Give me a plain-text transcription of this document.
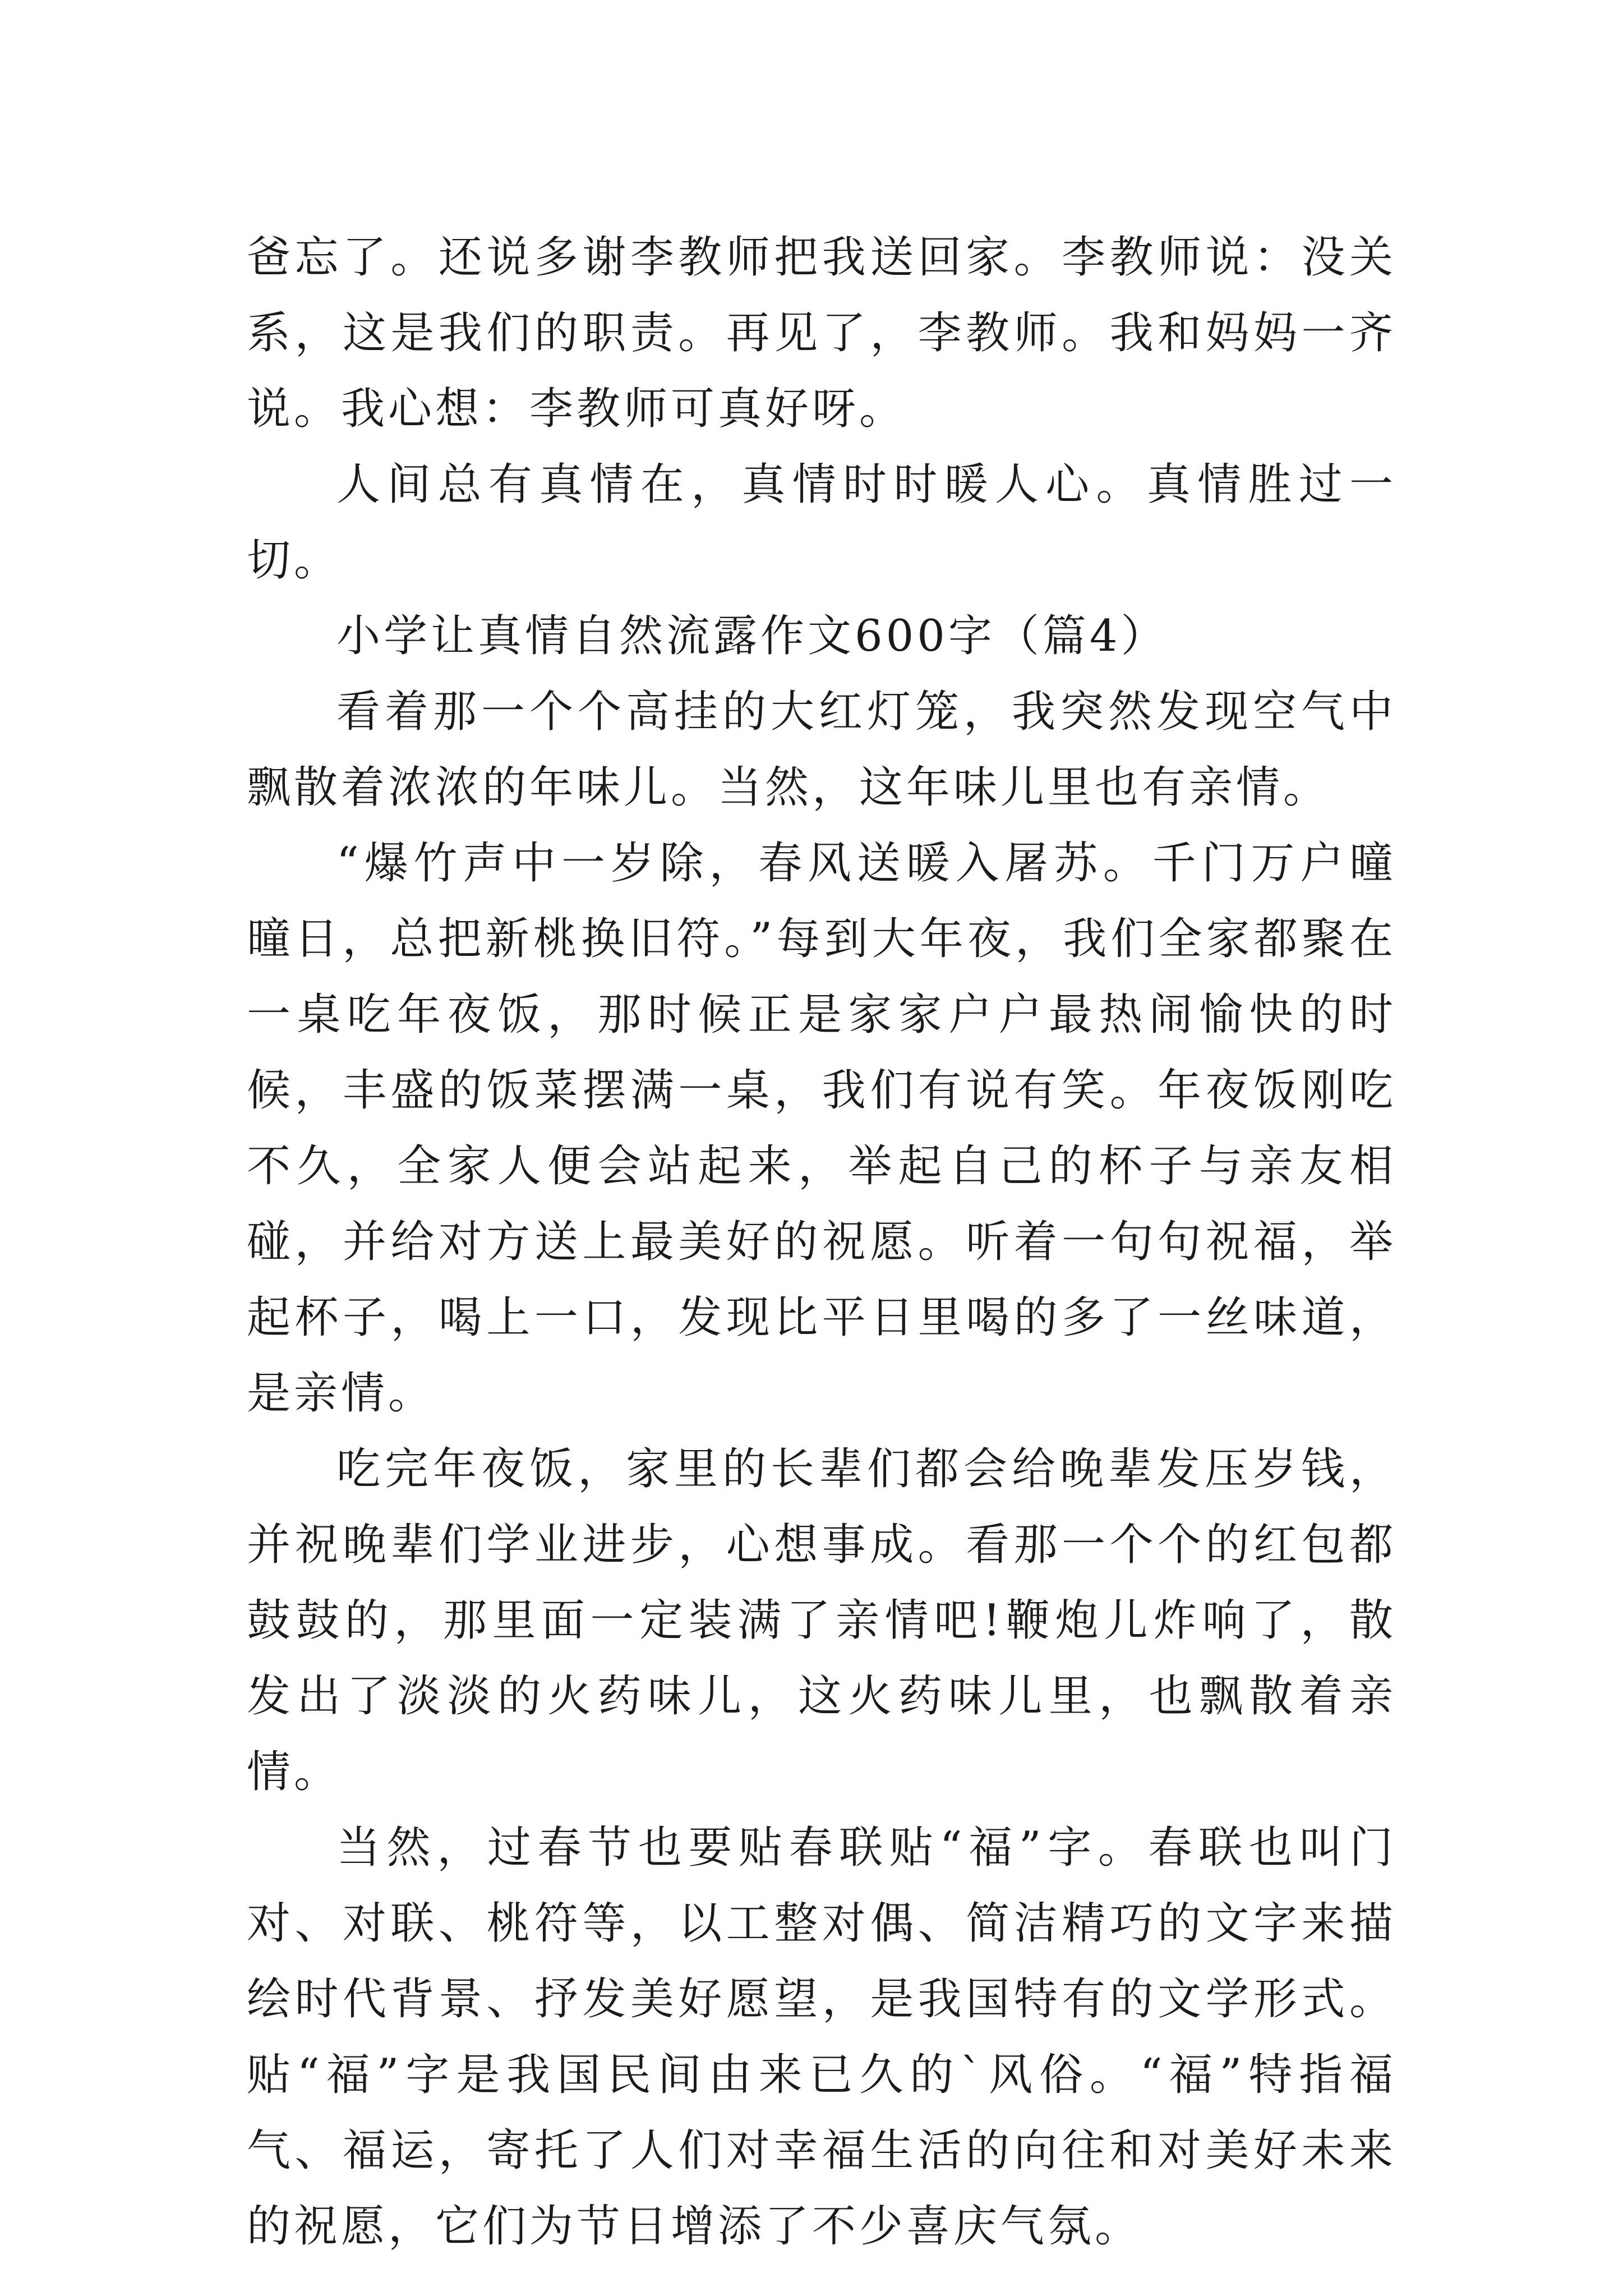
爸忘了。还说多谢李教师把我送回家。李教师说：没关系，这是我们的职责。再见了，李教师。我和妈妈一齐说。我心想：李教师可真好呀。

人间总有真情在，真情时时暖人心。真情胜过一切。

小学让真情自然流露作文600字（篇4）

看着那一个个高挂的大红灯笼，我突然发现空气中飘散着浓浓的年味儿。当然，这年味儿里也有亲情。

“爆竹声中一岁除，春风送暖入屠苏。千门万户曈曈日，总把新桃换旧符。”每到大年夜，我们全家都聚在一桌吃年夜饭，那时候正是家家户户最热闹愉快的时候，丰盛的饭菜摆满一桌，我们有说有笑。年夜饭刚吃不久，全家人便会站起来，举起自己的杯子与亲友相碰，并给对方送上最美好的祝愿。听着一句句祝福，举起杯子，喝上一口，发现比平日里喝的多了一丝味道，是亲情。

吃完年夜饭，家里的长辈们都会给晚辈发压岁钱，并祝晚辈们学业进步，心想事成。看那一个个的红包都鼓鼓的，那里面一定装满了亲情吧!鞭炮儿炸响了，散发出了淡淡的火药味儿，这火药味儿里，也飘散着亲情。

当然，过春节也要贴春联贴“福”字。春联也叫门对、对联、桃符等，以工整对偶、简洁精巧的文字来描绘时代背景、抒发美好愿望，是我国特有的文学形式。贴“福”字是我国民间由来已久的`风俗。“福”特指福气、福运，寄托了人们对幸福生活的向往和对美好未来的祝愿，它们为节日增添了不少喜庆气氛。
